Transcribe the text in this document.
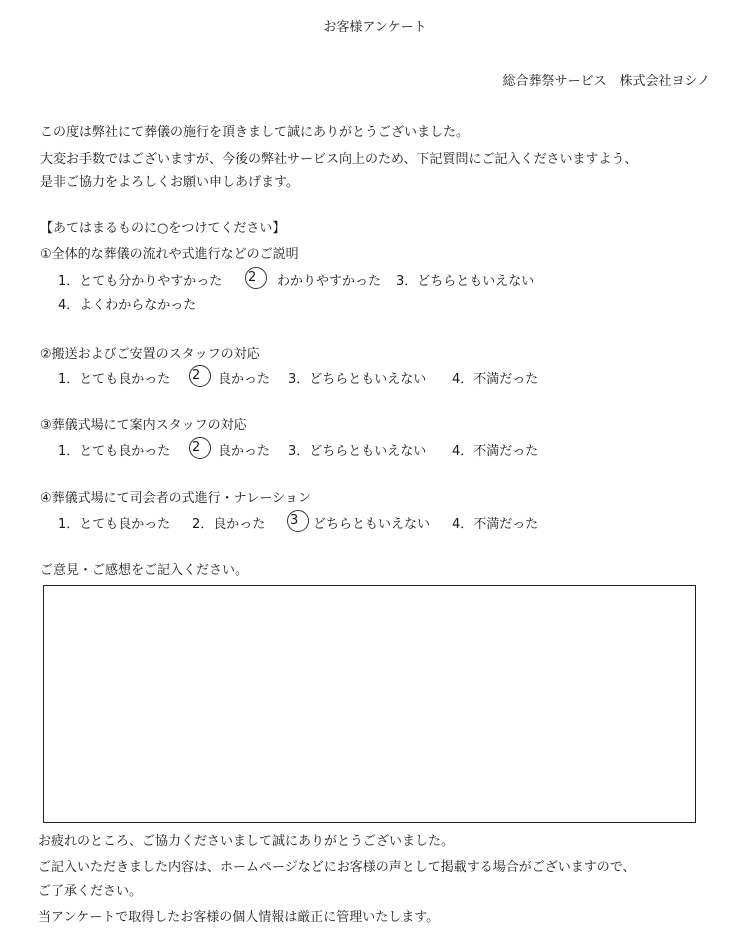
お客様アンケート
総合葬祭サービス　株式会社ヨシノ
この度は弊社にて葬儀の施行を頂きまして誠にありがとうございました。
大変お手数ではございますが、今後の弊社サービス向上のため、下記質問にご記入くださいますよう、
是非ご協力をよろしくお願い申しあげます。
【あてはまるものに○をつけてください】
①全体的な葬儀の流れや式進行などのご説明
1．とても分かりやすかった 2 わかりやすかった 3．どちらともいえない
4．よくわからなかった
②搬送およびご安置のスタッフの対応
1．とても良かった 2 良かった 3．どちらともいえない 4．不満だった
③葬儀式場にて案内スタッフの対応
1．とても良かった 2 良かった 3．どちらともいえない 4．不満だった
④葬儀式場にて司会者の式進行・ナレーション
1．とても良かった 2．良かった 3 どちらともいえない 4．不満だった
ご意見・ご感想をご記入ください。
お疲れのところ、ご協力くださいまして誠にありがとうございました。
ご記入いただきました内容は、ホームページなどにお客様の声として掲載する場合がございますので、
ご了承ください。
当アンケートで取得したお客様の個人情報は厳正に管理いたします。
